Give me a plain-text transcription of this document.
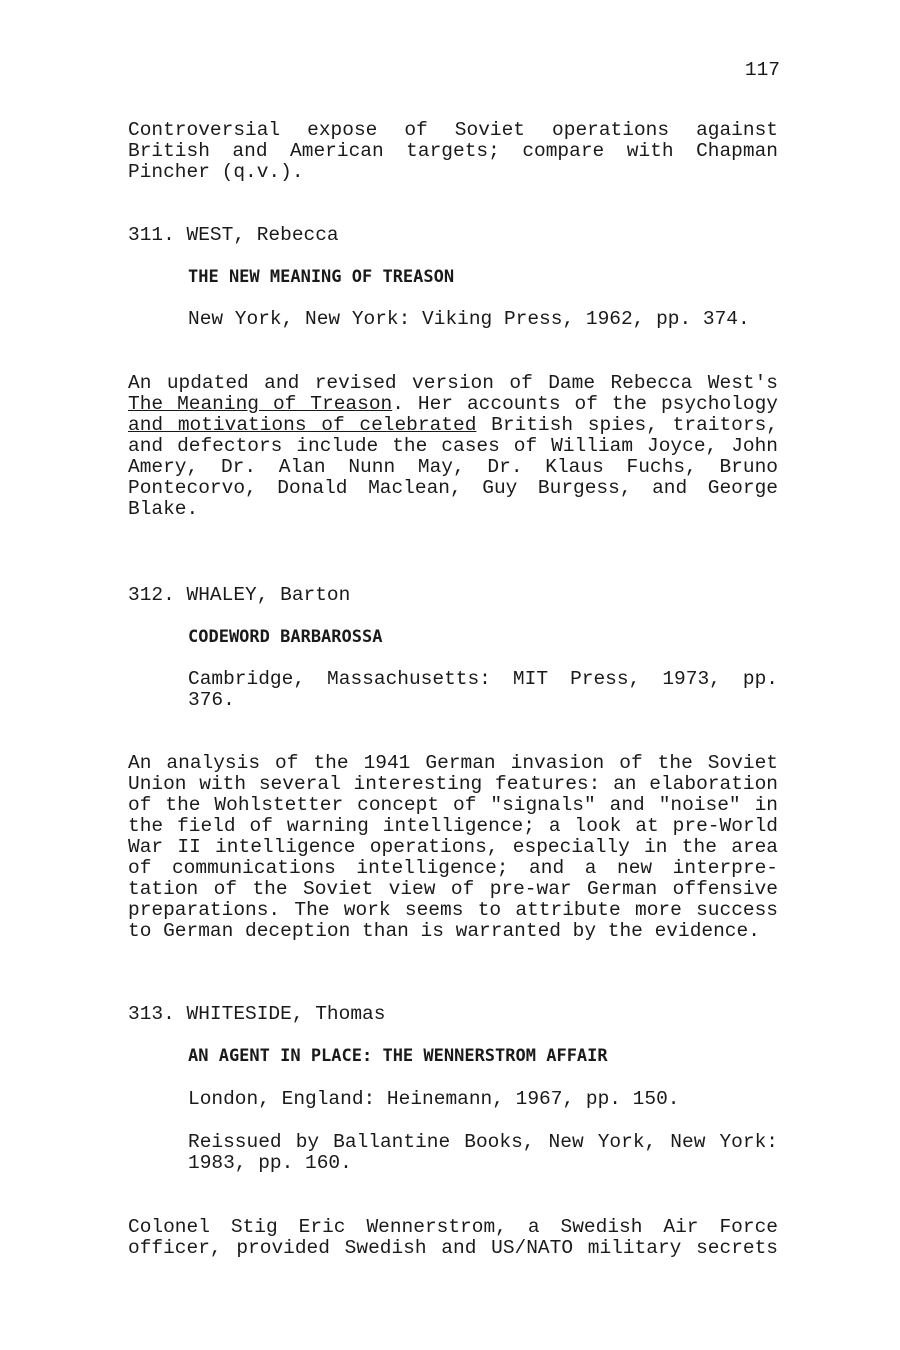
117
Controversial expose of Soviet operations against
British and American targets; compare with Chapman
Pincher (q.v.).
311. WEST, Rebecca
THE NEW MEANING OF TREASON
New York, New York: Viking Press, 1962, pp. 374.
An updated and revised version of Dame Rebecca West's
The Meaning of Treason. Her accounts of the psychology
and motivations of celebrated British spies, traitors,
and defectors include the cases of William Joyce, John
Amery, Dr. Alan Nunn May, Dr. Klaus Fuchs, Bruno
Pontecorvo, Donald Maclean, Guy Burgess, and George
Blake.
312. WHALEY, Barton
CODEWORD BARBAROSSA
Cambridge, Massachusetts: MIT Press, 1973, pp.
376.
An analysis of the 1941 German invasion of the Soviet
Union with several interesting features: an elaboration
of the Wohlstetter concept of "signals" and "noise" in
the field of warning intelligence; a look at pre-World
War II intelligence operations, especially in the area
of communications intelligence; and a new interpre-
tation of the Soviet view of pre-war German offensive
preparations. The work seems to attribute more success
to German deception than is warranted by the evidence.
313. WHITESIDE, Thomas
AN AGENT IN PLACE: THE WENNERSTROM AFFAIR
London, England: Heinemann, 1967, pp. 150.
Reissued by Ballantine Books, New York, New York:
1983, pp. 160.
Colonel Stig Eric Wennerstrom, a Swedish Air Force
officer, provided Swedish and US/NATO military secrets
